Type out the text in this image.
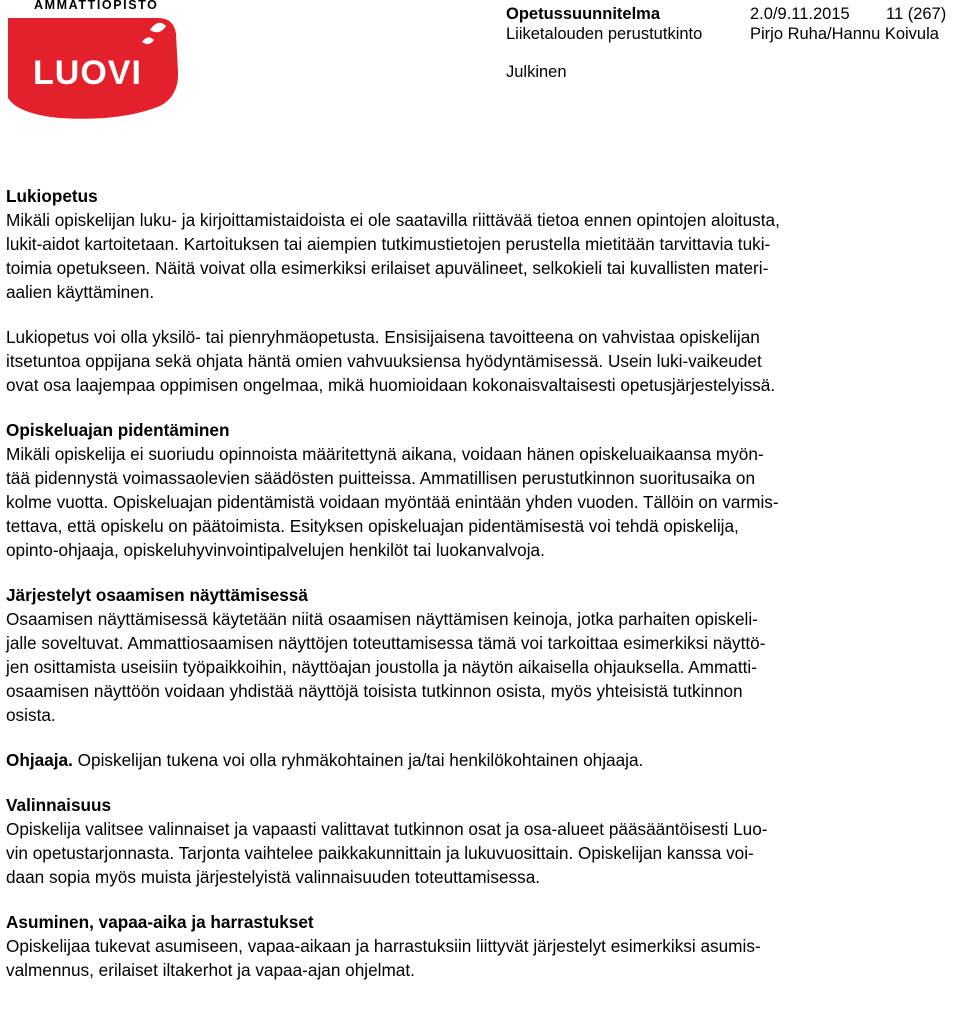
AMMATTIOPISTO
LUOVI
Opetussuunnitelma	2.0/9.11.2015 11 (267)
Liiketalouden perustutkinto	Pirjo Ruha/Hannu Koivula
Julkinen

Lukiopetus
Mikäli opiskelijan luku- ja kirjoittamistaidoista ei ole saatavilla riittävää tietoa ennen opintojen aloitusta,
lukit-aidot kartoitetaan. Kartoituksen tai aiempien tutkimustietojen perustella mietitään tarvittavia tuki-
toimia opetukseen. Näitä voivat olla esimerkiksi erilaiset apuvälineet, selkokieli tai kuvallisten materi-
aalien käyttäminen.

Lukiopetus voi olla yksilö- tai pienryhmäopetusta. Ensisijaisena tavoitteena on vahvistaa opiskelijan
itsetuntoa oppijana sekä ohjata häntä omien vahvuuksiensa hyödyntämisessä. Usein luki-vaikeudet
ovat osa laajempaa oppimisen ongelmaa, mikä huomioidaan kokonaisvaltaisesti opetusjärjestelyissä.

Opiskeluajan pidentäminen
Mikäli opiskelija ei suoriudu opinnoista määritettynä aikana, voidaan hänen opiskeluaikaansa myön-
tää pidennystä voimassaolevien säädösten puitteissa. Ammatillisen perustutkinnon suoritusaika on
kolme vuotta. Opiskeluajan pidentämistä voidaan myöntää enintään yhden vuoden. Tällöin on varmis-
tettava, että opiskelu on päätoimista. Esityksen opiskeluajan pidentämisestä voi tehdä opiskelija,
opinto-ohjaaja, opiskeluhyvinvointipalvelujen henkilöt tai luokanvalvoja.

Järjestelyt osaamisen näyttämisessä
Osaamisen näyttämisessä käytetään niitä osaamisen näyttämisen keinoja, jotka parhaiten opiskeli-
jalle soveltuvat. Ammattiosaamisen näyttöjen toteuttamisessa tämä voi tarkoittaa esimerkiksi näyttö-
jen osittamista useisiin työpaikkoihin, näyttöajan joustolla ja näytön aikaisella ohjauksella. Ammatti-
osaamisen näyttöön voidaan yhdistää näyttöjä toisista tutkinnon osista, myös yhteisistä tutkinnon
osista.

Ohjaaja. Opiskelijan tukena voi olla ryhmäkohtainen ja/tai henkilökohtainen ohjaaja.

Valinnaisuus
Opiskelija valitsee valinnaiset ja vapaasti valittavat tutkinnon osat ja osa-alueet pääsääntöisesti Luo-
vin opetustarjonnasta. Tarjonta vaihtelee paikkakunnittain ja lukuvuosittain. Opiskelijan kanssa voi-
daan sopia myös muista järjestelyistä valinnaisuuden toteuttamisessa.

Asuminen, vapaa-aika ja harrastukset
Opiskelijaa tukevat asumiseen, vapaa-aikaan ja harrastuksiin liittyvät järjestelyt esimerkiksi asumis-
valmennus, erilaiset iltakerhot ja vapaa-ajan ohjelmat.
